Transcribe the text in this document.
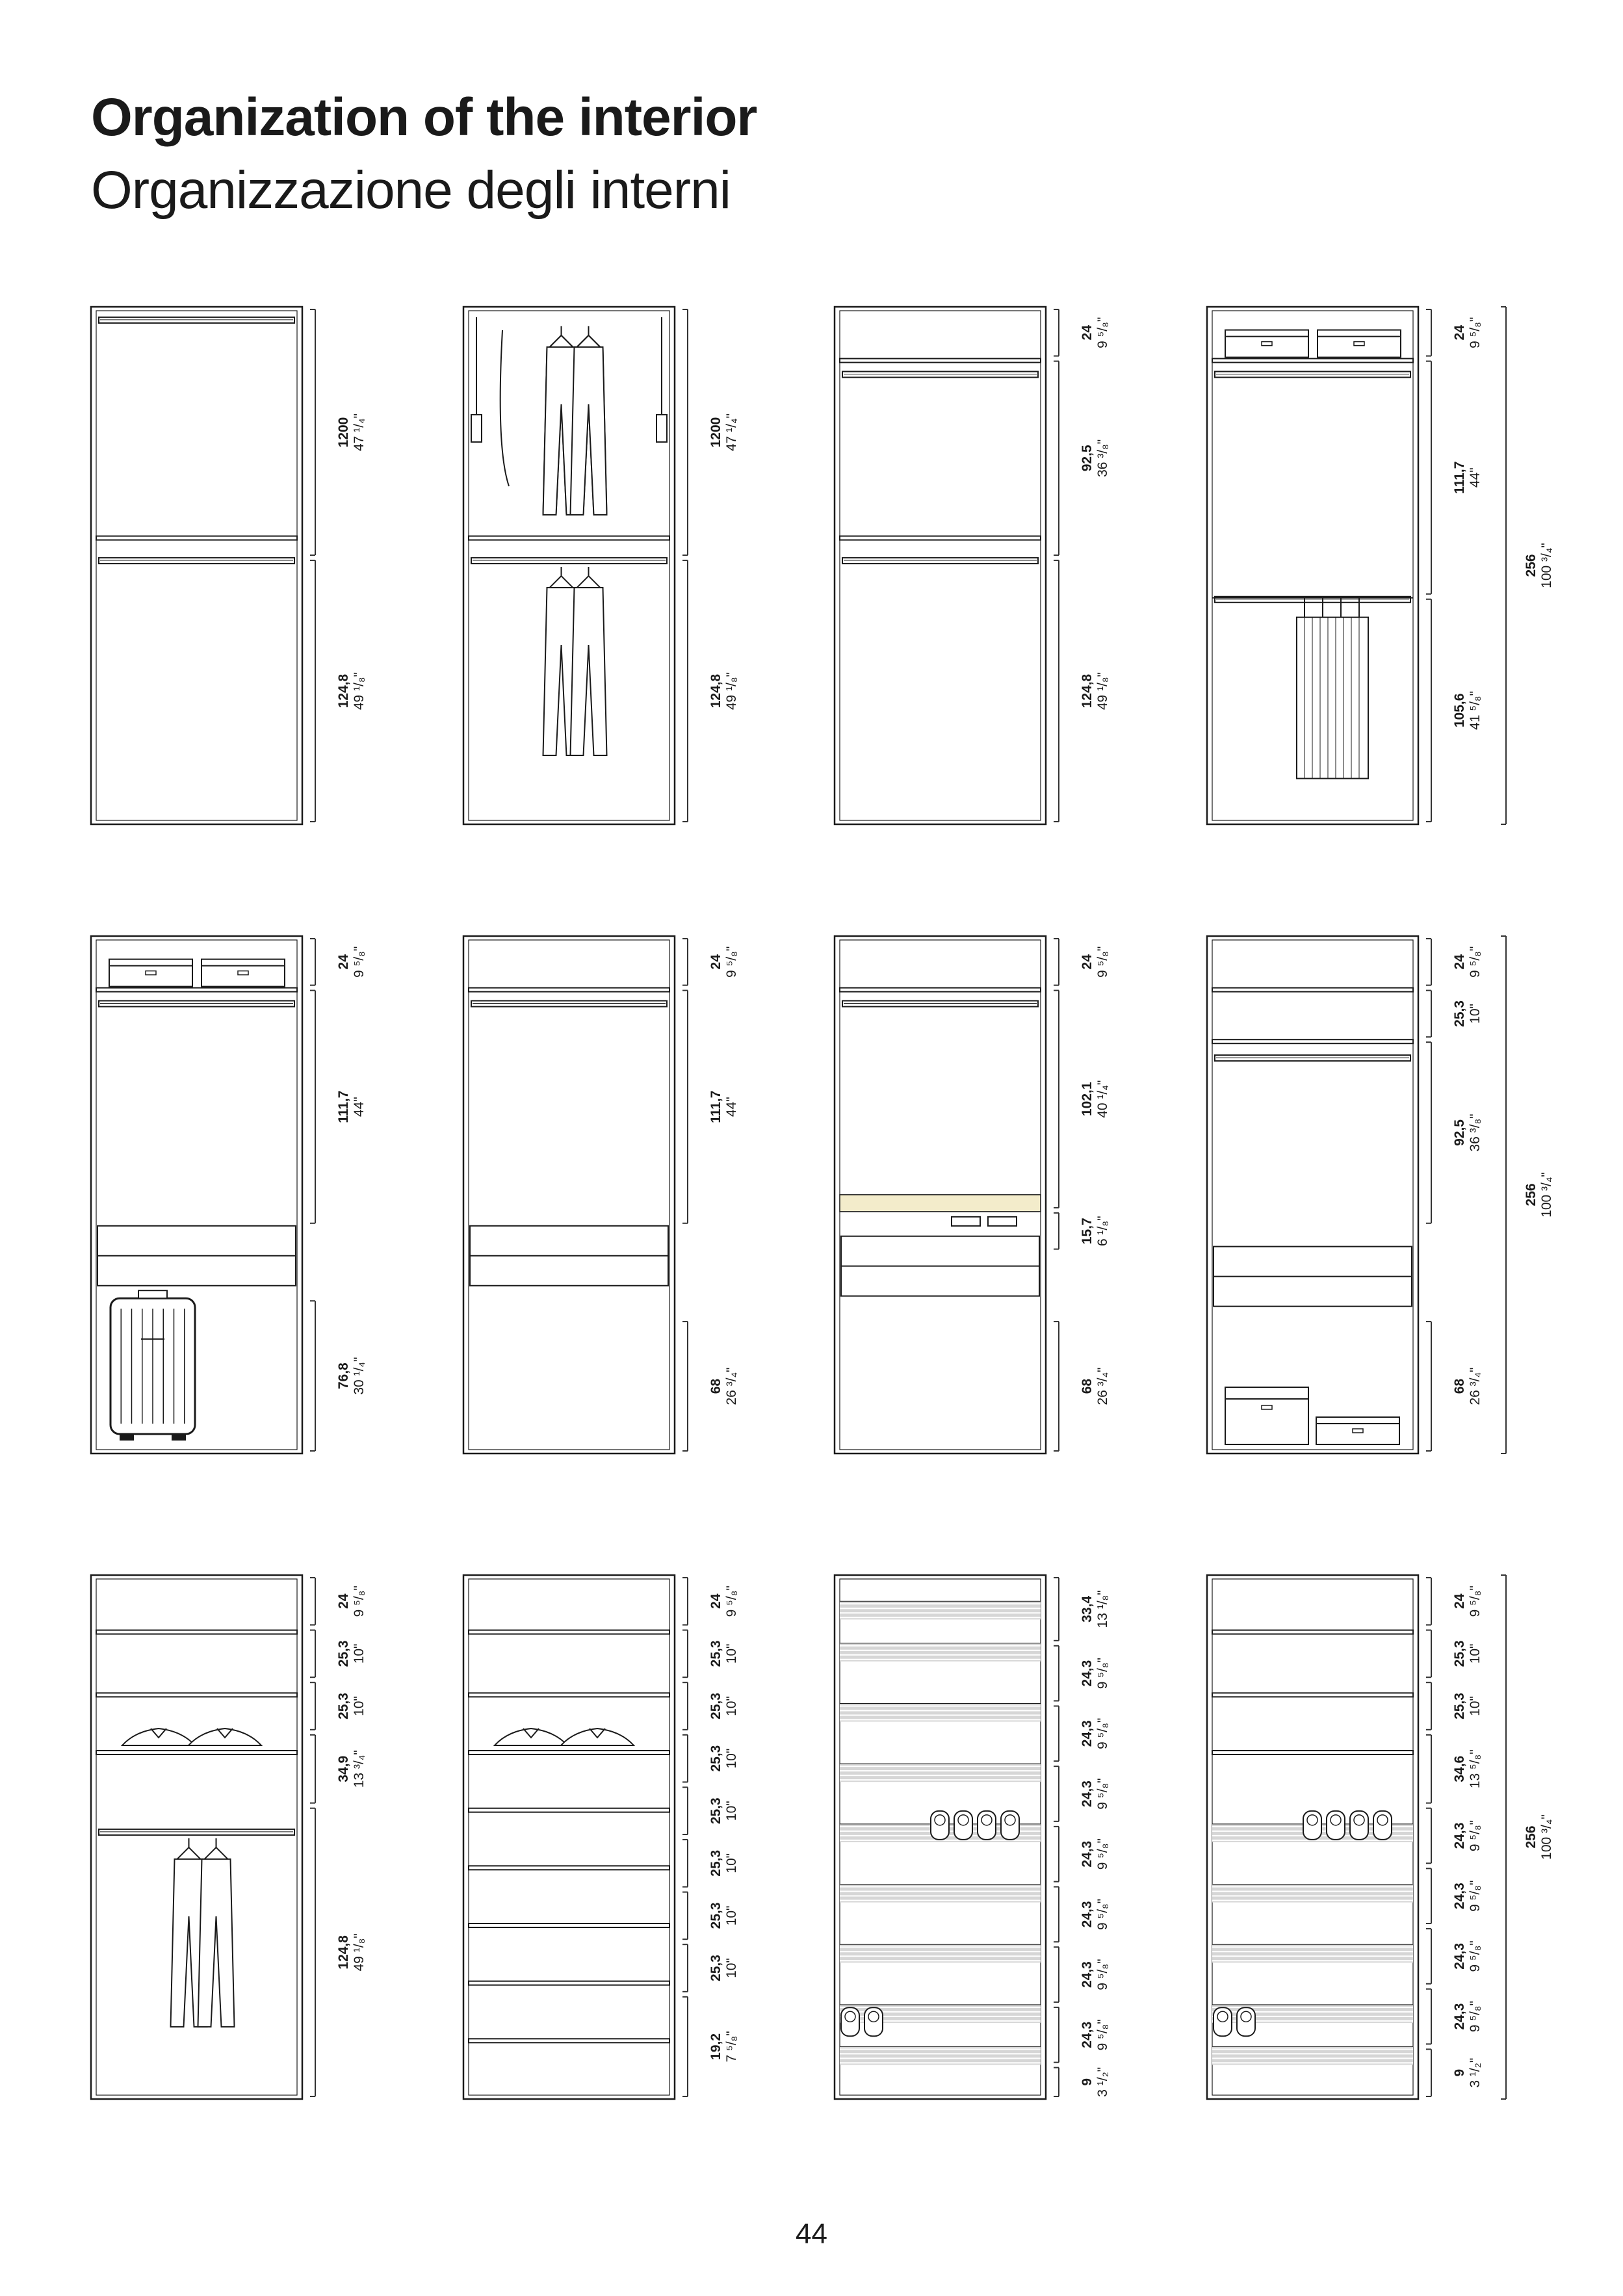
Organization of the interior
Organizzazione degli interni
120047 ¹/₄"
124,849 ¹/₈"
120047 ¹/₄"
124,849 ¹/₈"
249 ⁵/₈"
92,536 ³/₈"
124,849 ¹/₈"
249 ⁵/₈"
111,744"
105,641 ⁵/₈"
256100 ³/₄"
249 ⁵/₈"
111,744"
76,830 ¹/₄"
249 ⁵/₈"
111,744"
6826 ³/₄"
249 ⁵/₈"
102,140 ¹/₄"
15,76 ¹/₈"
6826 ³/₄"
249 ⁵/₈"
25,310"
92,536 ³/₈"
6826 ³/₄"
256100 ³/₄"
249 ⁵/₈"
25,310"
25,310"
34,913 ³/₄"
124,849 ¹/₈"
249 ⁵/₈"
25,310"
25,310"
25,310"
25,310"
25,310"
25,310"
25,310"
19,27 ⁵/₈"
33,413 ¹/₈"
24,39 ⁵/₈"
24,39 ⁵/₈"
24,39 ⁵/₈"
24,39 ⁵/₈"
24,39 ⁵/₈"
24,39 ⁵/₈"
24,39 ⁵/₈"
93 ¹/₂"
249 ⁵/₈"
25,310"
25,310"
34,613 ⁵/₈"
24,39 ⁵/₈"
24,39 ⁵/₈"
24,39 ⁵/₈"
24,39 ⁵/₈"
93 ¹/₂"
256100 ³/₄"
44
